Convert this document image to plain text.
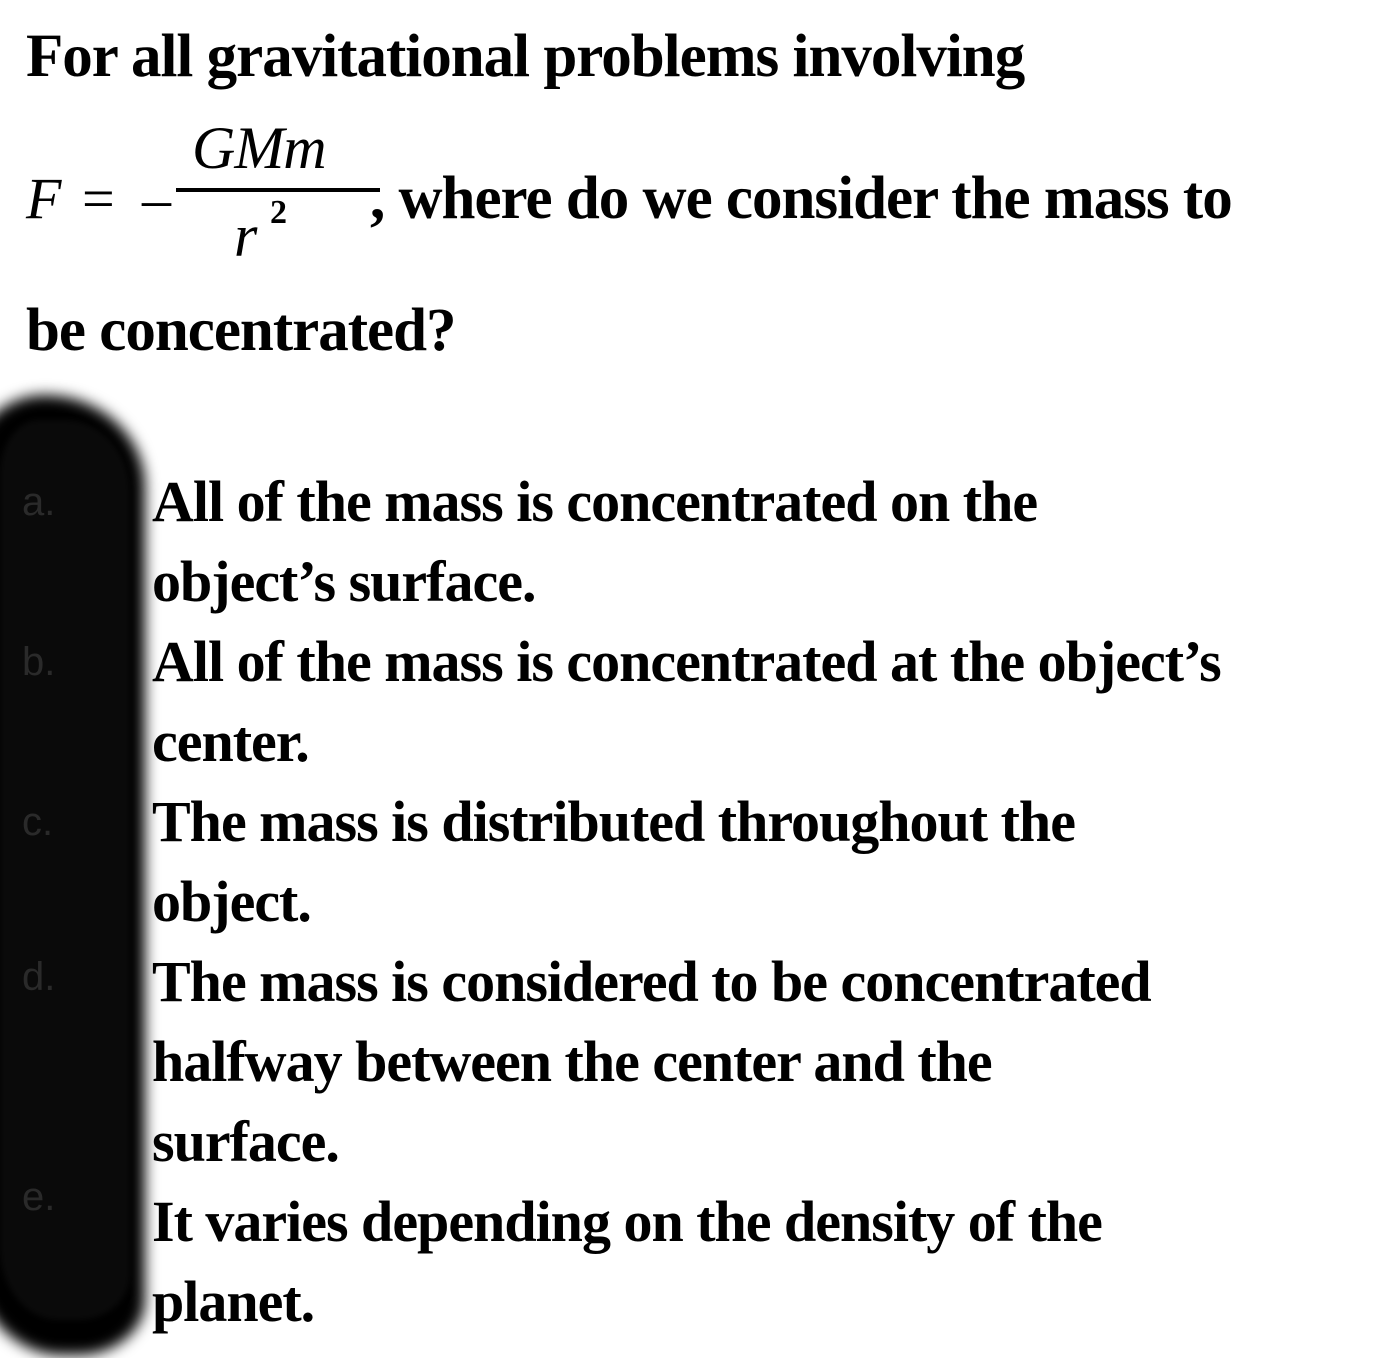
For all gravitational problems involving
F = –
GMm
r 2 , where do we consider the mass to
be concentrated?
a.
b.
c.
d.
e.
All of the mass is concentrated on the
object’s surface.
All of the mass is concentrated at the object’s
center.
The mass is distributed throughout the
object.
The mass is considered to be concentrated
halfway between the center and the
surface.
It varies depending on the density of the
planet.
